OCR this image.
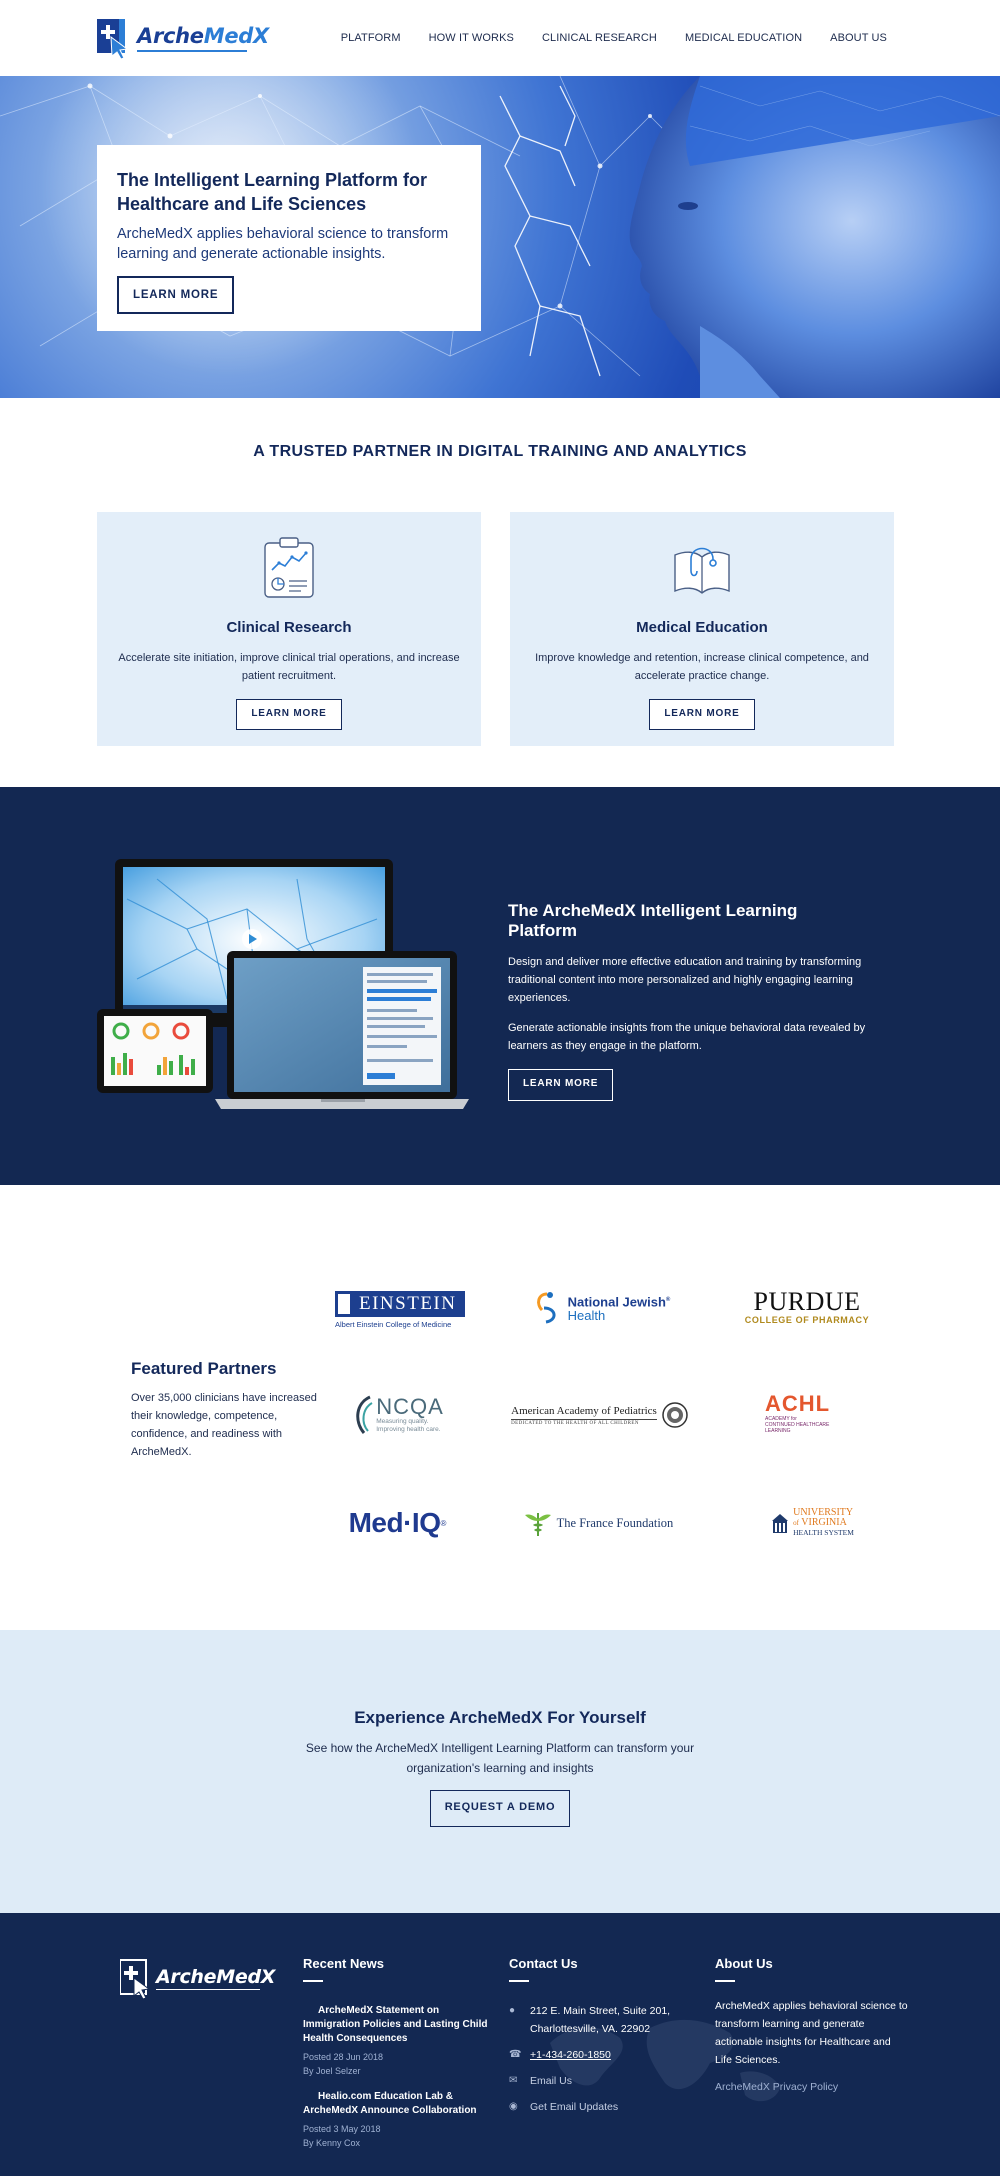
ArcheMedX	PLATFORM	HOW IT WORKS	CLINICAL RESEARCH	MEDICAL EDUCATION	ABOUT US
The Intelligent Learning Platform for Healthcare and Life Sciences

ArcheMedX applies behavioral science to transform learning and generate actionable insights.

LEARN MORE
A TRUSTED PARTNER IN DIGITAL TRAINING AND ANALYTICS
Clinical Research

Accelerate site initiation, improve clinical trial operations, and increase patient recruitment.

LEARN MORE
Medical Education

Improve knowledge and retention, increase clinical competence, and accelerate practice change.

LEARN MORE
The ArcheMedX Intelligent Learning Platform

Design and deliver more effective education and training by transforming traditional content into more personalized and highly engaging learning experiences.

Generate actionable insights from the unique behavioral data revealed by learners as they engage in the platform.

LEARN MORE
Featured Partners

Over 35,000 clinicians have increased their knowledge, competence, confidence, and readiness with ArcheMedX.

EINSTEIN
Albert Einstein College of Medicine
National Jewish®
Health	PURDUE
COLLEGE OF PHARMACY
NCQA
Measuring quality.
Improving health care.
American Academy of Pediatrics
DEDICATED TO THE HEALTH OF ALL CHILDREN
ACHL
ACADEMY for
CONTINUED HEALTHCARE LEARNING
Med·IQ ®	The France Foundation
UNIVERSITY
of VIRGINIA
HEALTH SYSTEM
Experience ArcheMedX For Yourself

See how the ArcheMedX Intelligent Learning Platform can transform your organization's learning and insights

REQUEST A DEMO
ArcheMedX
Recent News
ArcheMedX Statement on Immigration Policies and Lasting Child Health Consequences
Posted 28 Jun 2018
By Joel Selzer
Healio.com Education Lab & ArcheMedX Announce Collaboration
Posted 3 May 2018
By Kenny Cox
Contact Us
●	212 E. Main Street, Suite 201,
Charlottesville, VA. 22902
☎ +1-434-260-1850
✉	Email Us
◉	Get Email Updates
About Us

ArcheMedX applies behavioral science to transform learning and generate actionable insights for Healthcare and Life Sciences.

ArcheMedX Privacy Policy
